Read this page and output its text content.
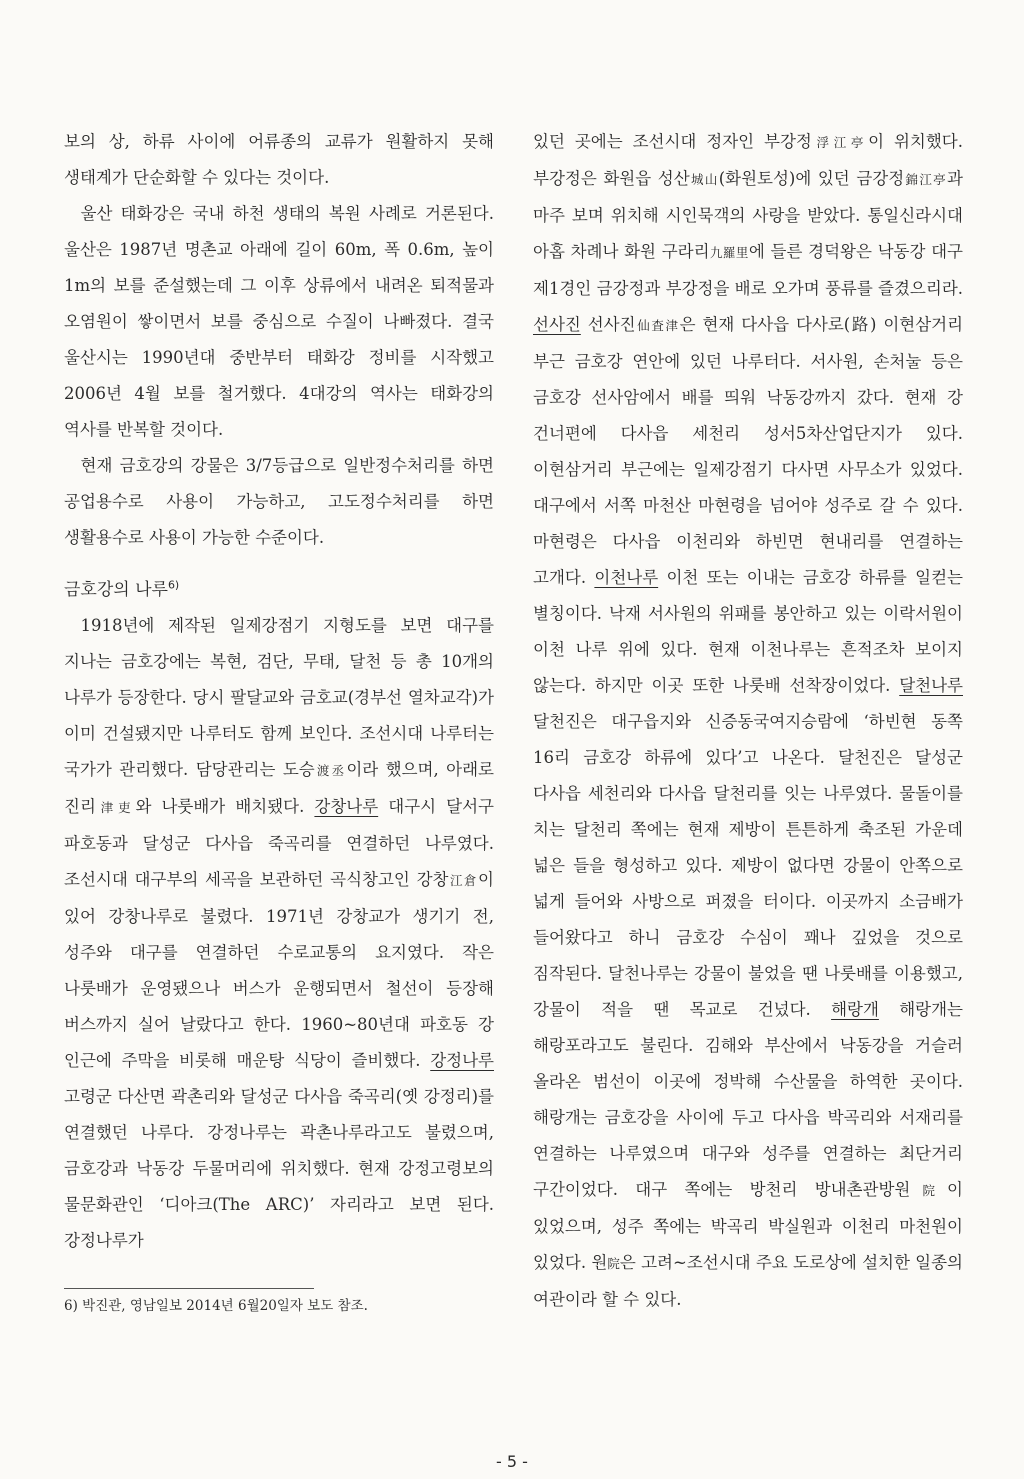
보의 상, 하류 사이에 어류종의 교류가 원활하지 못해 생태계가 단순화할 수 있다는 것이다.

울산 태화강은 국내 하천 생태의 복원 사례로 거론된다. 울산은 1987년 명촌교 아래에 길이 60m, 폭 0.6m, 높이 1m의 보를 준설했는데 그 이후 상류에서 내려온 퇴적물과 오염원이 쌓이면서 보를 중심으로 수질이 나빠졌다. 결국 울산시는 1990년대 중반부터 태화강 정비를 시작했고 2006년 4월 보를 철거했다. 4대강의 역사는 태화강의 역사를 반복할 것이다.

현재 금호강의 강물은 3/7등급으로 일반정수처리를 하면 공업용수로 사용이 가능하고, 고도정수처리를 하면 생활용수로 사용이 가능한 수준이다.

금호강의 나루$^{6)}$

1918년에 제작된 일제강점기 지형도를 보면 대구를 지나는 금호강에는 복현, 검단, 무태, 달천 등 총 10개의 나루가 등장한다. 당시 팔달교와 금호교(경부선 열차교각)가 이미 건설됐지만 나루터도 함께 보인다. 조선시대 나루터는 국가가 관리했다. 담당관리는 도승渡丞이라 했으며, 아래로 진리津吏와 나룻배가 배치됐다. 강창나루 대구시 달서구 파호동과 달성군 다사읍 죽곡리를 연결하던 나루였다. 조선시대 대구부의 세곡을 보관하던 곡식창고인 강창江倉이 있어 강창나루로 불렸다. 1971년 강창교가 생기기 전, 성주와 대구를 연결하던 수로교통의 요지였다. 작은 나룻배가 운영됐으나 버스가 운행되면서 철선이 등장해 버스까지 실어 날랐다고 한다. 1960~80년대 파호동 강 인근에 주막을 비롯해 매운탕 식당이 즐비했다. 강정나루 고령군 다산면 곽촌리와 달성군 다사읍 죽곡리(옛 강정리)를 연결했던 나루다. 강정나루는 곽촌나루라고도 불렸으며, 금호강과 낙동강 두물머리에 위치했다. 현재 강정고령보의 물문화관인 ‘디아크(The ARC)’ 자리라고 보면 된다. 강정나루가

있던 곳에는 조선시대 정자인 부강정浮江亭이 위치했다. 부강정은 화원읍 성산城山(화원토성)에 있던 금강정錦江亭과 마주 보며 위치해 시인묵객의 사랑을 받았다. 통일신라시대 아홉 차례나 화원 구라리九羅里에 들른 경덕왕은 낙동강 대구 제1경인 금강정과 부강정을 배로 오가며 풍류를 즐겼으리라. 선사진 선사진仙査津은 현재 다사읍 다사로(路) 이현삼거리 부근 금호강 연안에 있던 나루터다. 서사원, 손처눌 등은 금호강 선사암에서 배를 띄워 낙동강까지 갔다. 현재 강 건너편에 다사읍 세천리 성서5차산업단지가 있다. 이현삼거리 부근에는 일제강점기 다사면 사무소가 있었다. 대구에서 서쪽 마천산 마현령을 넘어야 성주로 갈 수 있다. 마현령은 다사읍 이천리와 하빈면 현내리를 연결하는 고개다. 이천나루 이천 또는 이내는 금호강 하류를 일컫는 별칭이다. 낙재 서사원의 위패를 봉안하고 있는 이락서원이 이천 나루 위에 있다. 현재 이천나루는 흔적조차 보이지 않는다. 하지만 이곳 또한 나룻배 선착장이었다. 달천나루 달천진은 대구읍지와 신증동국여지승람에 ‘하빈현 동쪽 16리 금호강 하류에 있다’고 나온다. 달천진은 달성군 다사읍 세천리와 다사읍 달천리를 잇는 나루였다. 물돌이를 치는 달천리 쪽에는 현재 제방이 튼튼하게 축조된 가운데 넓은 들을 형성하고 있다. 제방이 없다면 강물이 안쪽으로 넓게 들어와 사방으로 퍼졌을 터이다. 이곳까지 소금배가 들어왔다고 하니 금호강 수심이 꽤나 깊었을 것으로 짐작된다. 달천나루는 강물이 불었을 땐 나룻배를 이용했고, 강물이 적을 땐 목교로 건넜다. 해랑개 해랑개는 해랑포라고도 불린다. 김해와 부산에서 낙동강을 거슬러 올라온 범선이 이곳에 정박해 수산물을 하역한 곳이다. 해랑개는 금호강을 사이에 두고 다사읍 박곡리와 서재리를 연결하는 나루였으며 대구와 성주를 연결하는 최단거리 구간이었다. 대구 쪽에는 방천리 방내촌관방원院이 있었으며, 성주 쪽에는 박곡리 박실원과 이천리 마천원이 있었다. 원院은 고려~조선시대 주요 도로상에 설치한 일종의 여관이라 할 수 있다.

6) 박진관, 영남일보 2014년 6월20일자 보도 참조.
- 5 -
